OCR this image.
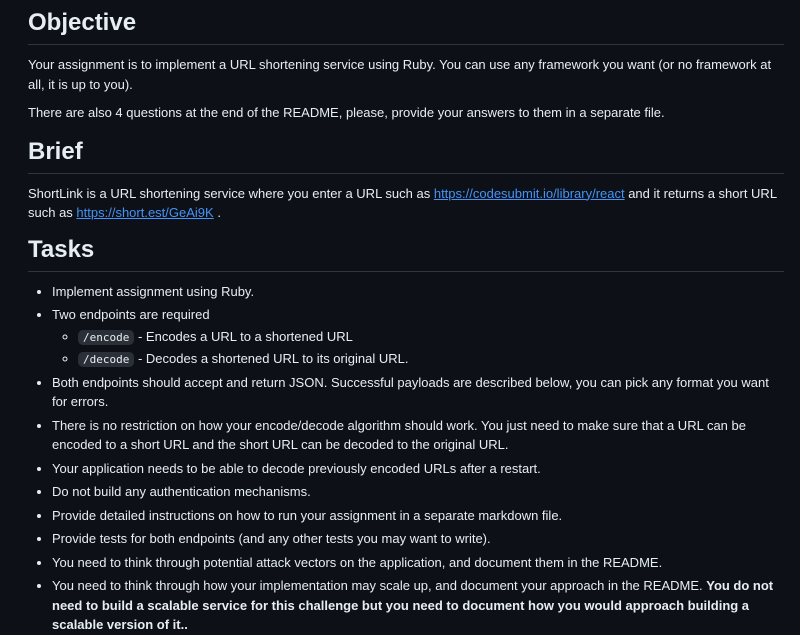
Objective

Your assignment is to implement a URL shortening service using Ruby. You can use any framework you want (or no framework at all, it is up to you).

There are also 4 questions at the end of the README, please, provide your answers to them in a separate file.

Brief

ShortLink is a URL shortening service where you enter a URL such as https://codesubmit.io/library/react and it returns a short URL such as https://short.est/GeAi9K .

Tasks
• Implement assignment using Ruby.
• Two endpoints are required
◦ /encode - Encodes a URL to a shortened URL
◦ /decode - Decodes a shortened URL to its original URL.
• Both endpoints should accept and return JSON. Successful payloads are described below, you can pick any format you want for errors.
• There is no restriction on how your encode/decode algorithm should work. You just need to make sure that a URL can be encoded to a short URL and the short URL can be decoded to the original URL.
• Your application needs to be able to decode previously encoded URLs after a restart.
• Do not build any authentication mechanisms.
• Provide detailed instructions on how to run your assignment in a separate markdown file.
• Provide tests for both endpoints (and any other tests you may want to write).
• You need to think through potential attack vectors on the application, and document them in the README.
• You need to think through how your implementation may scale up, and document your approach in the README. You do not need to build a scalable service for this challenge but you need to document how you would approach building a scalable version of it..
